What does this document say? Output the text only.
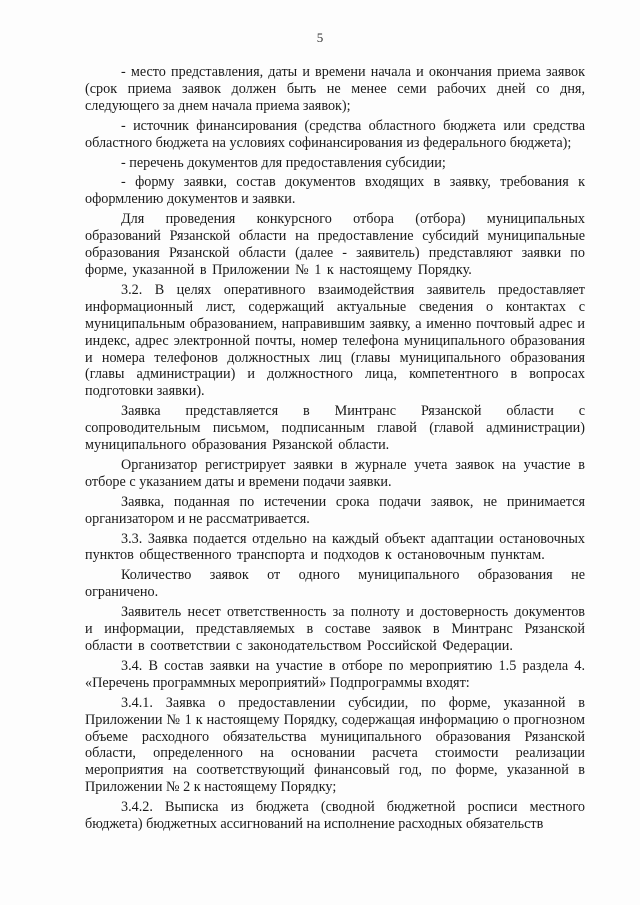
5

- место представления, даты и времени начала и окончания приема заявок (срок приема заявок должен быть не менее семи рабочих дней со дня, следующего за днем начала приема заявок);

- источник финансирования (средства областного бюджета или средства областного бюджета на условиях софинансирования из федерального бюджета);

- перечень документов для предоставления субсидии;

- форму заявки, состав документов входящих в заявку, требования к оформлению документов и заявки.

Для проведения конкурсного отбора (отбора) муниципальных образований Рязанской области на предоставление субсидий муниципальные образования Рязанской области (далее - заявитель) представляют заявки по форме, указанной в Приложении № 1 к настоящему Порядку.

3.2. В целях оперативного взаимодействия заявитель предоставляет информационный лист, содержащий актуальные сведения о контактах с муниципальным образованием, направившим заявку, а именно почтовый адрес и индекс, адрес электронной почты, номер телефона муниципального образования и номера телефонов должностных лиц (главы муниципального образования (главы администрации) и должностного лица, компетентного в вопросах подготовки заявки).

Заявка представляется в Минтранс Рязанской области с сопроводительным письмом, подписанным главой (главой администрации) муниципального образования Рязанской области.

Организатор регистрирует заявки в журнале учета заявок на участие в отборе с указанием даты и времени подачи заявки.

Заявка, поданная по истечении срока подачи заявок, не принимается организатором и не рассматривается.

3.3. Заявка подается отдельно на каждый объект адаптации остановочных пунктов общественного транспорта и подходов к остановочным пунктам.

Количество заявок от одного муниципального образования не ограничено.

Заявитель несет ответственность за полноту и достоверность документов и информации, представляемых в составе заявок в Минтранс Рязанской области в соответствии с законодательством Российской Федерации.

3.4. В состав заявки на участие в отборе по мероприятию 1.5 раздела 4. «Перечень программных мероприятий» Подпрограммы входят:

3.4.1. Заявка о предоставлении субсидии, по форме, указанной в Приложении № 1 к настоящему Порядку, содержащая информацию о прогнозном объеме расходного обязательства муниципального образования Рязанской области, определенного на основании расчета стоимости реализации мероприятия на соответствующий финансовый год, по форме, указанной в Приложении № 2 к настоящему Порядку;

3.4.2. Выписка из бюджета (сводной бюджетной росписи местного бюджета) бюджетных ассигнований на исполнение расходных обязательств
